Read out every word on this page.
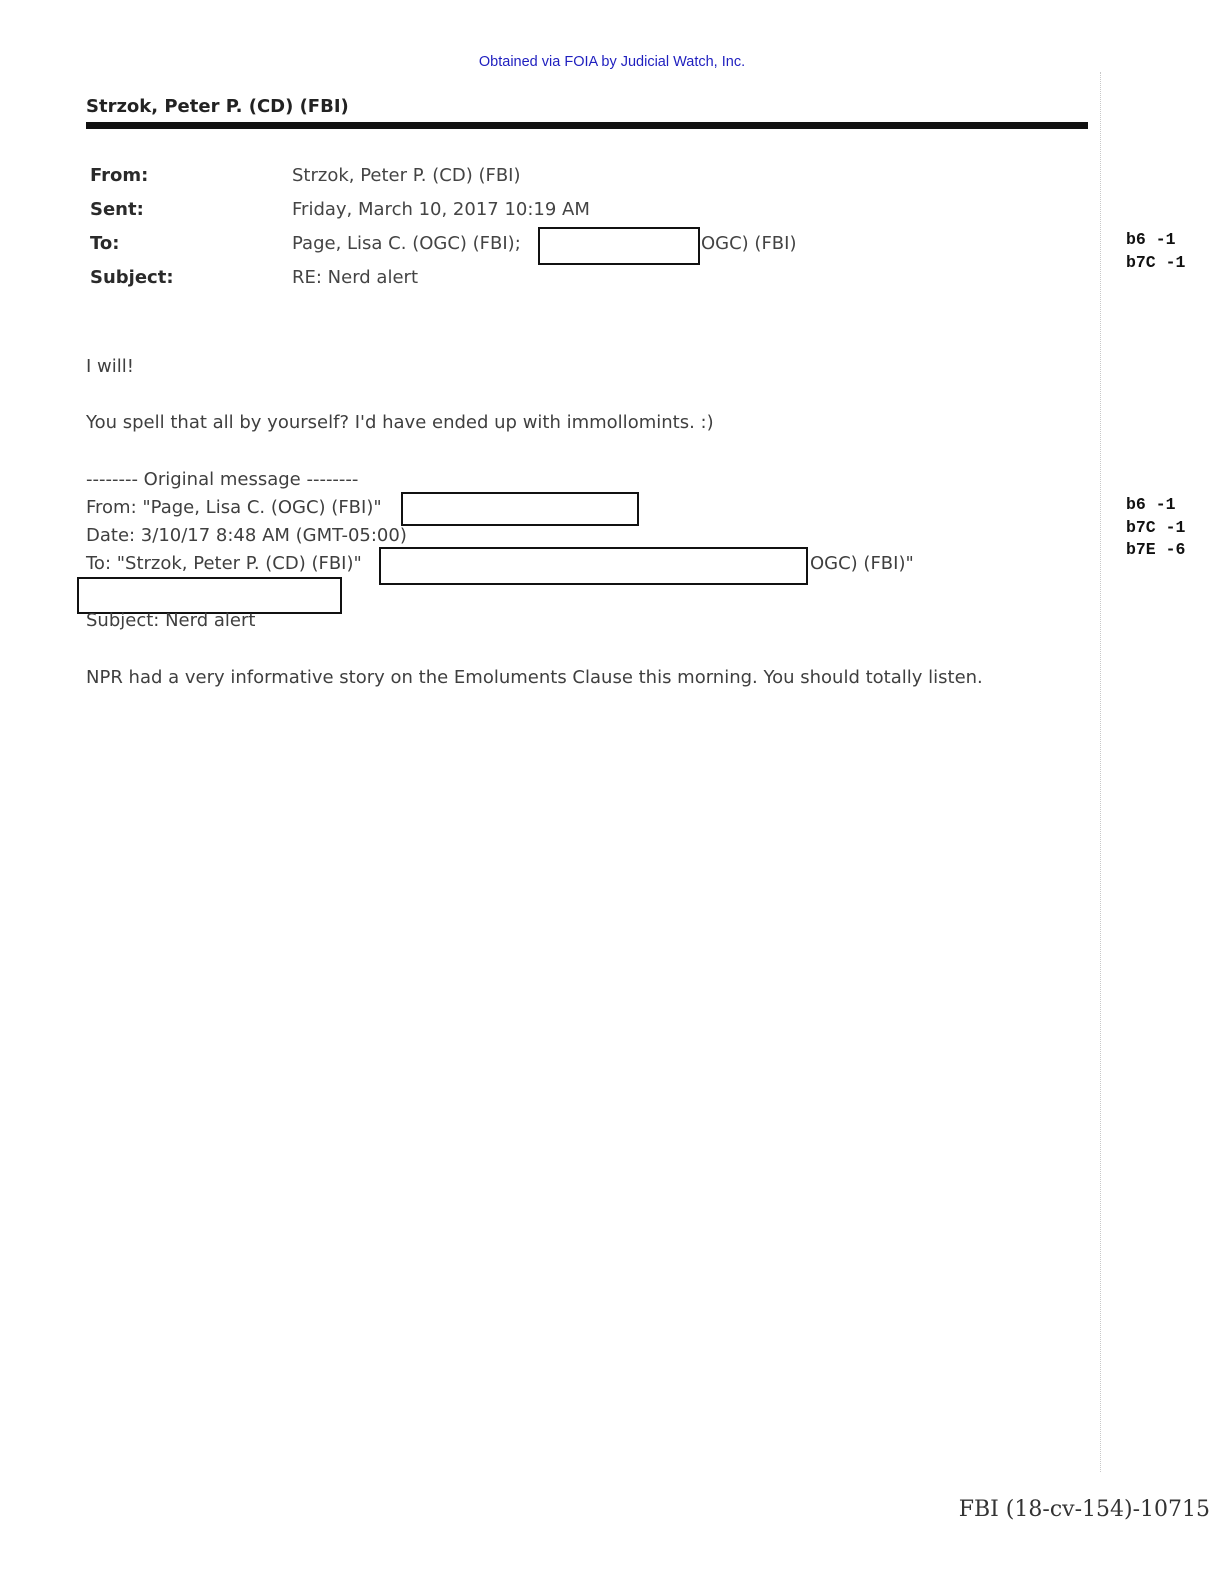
Obtained via FOIA by Judicial Watch, Inc.
Strzok, Peter P. (CD) (FBI)
From:	Strzok, Peter P. (CD) (FBI)
Sent:	Friday, March 10, 2017 10:19 AM
To:	Page, Lisa C. (OGC) (FBI);	OGC) (FBI)
Subject:	RE: Nerd alert
I will!
You spell that all by yourself? I'd have ended up with immollomints. :)
-------- Original message --------
From: "Page, Lisa C. (OGC) (FBI)"
Date: 3/10/17 8:48 AM (GMT-05:00)
To: "Strzok, Peter P. (CD) (FBI)"	OGC) (FBI)"
Subject: Nerd alert
NPR had a very informative story on the Emoluments Clause this morning. You should totally listen.
b6 -1
b7C -1
b6 -1
b7C -1
b7E -6
FBI (18-cv-154)-10715
